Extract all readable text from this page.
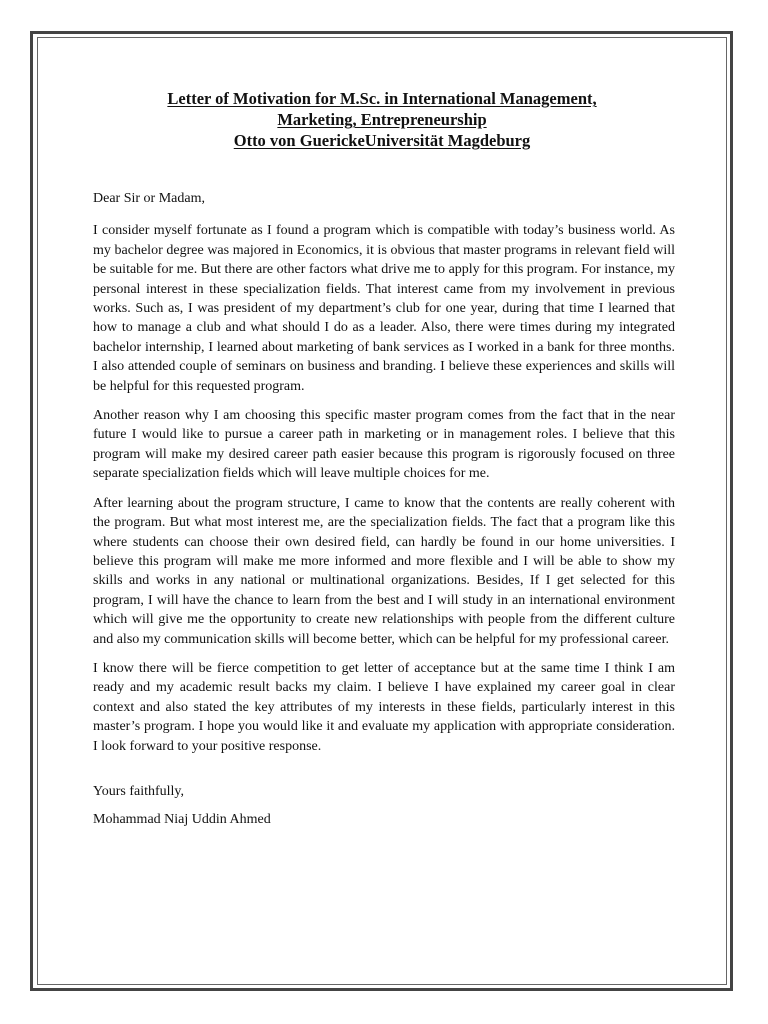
Letter of Motivation for M.Sc. in International Management,
Marketing, Entrepreneurship
Otto von GuerickeUniversität Magdeburg

Dear Sir or Madam,

I consider myself fortunate as I found a program which is compatible with today’s business world. As my bachelor degree was majored in Economics, it is obvious that master programs in relevant field will be suitable for me. But there are other factors what drive me to apply for this program. For instance, my personal interest in these specialization fields. That interest came from my involvement in previous works. Such as, I was president of my department’s club for one year, during that time I learned that how to manage a club and what should I do as a leader. Also, there were times during my integrated bachelor internship, I learned about marketing of bank services as I worked in a bank for three months. I also attended couple of seminars on business and branding. I believe these experiences and skills will be helpful for this requested program.

Another reason why I am choosing this specific master program comes from the fact that in the near future I would like to pursue a career path in marketing or in management roles. I believe that this program will make my desired career path easier because this program is rigorously focused on three separate specialization fields which will leave multiple choices for me.

After learning about the program structure, I came to know that the contents are really coherent with the program. But what most interest me, are the specialization fields. The fact that a program like this where students can choose their own desired field, can hardly be found in our home universities. I believe this program will make me more informed and more flexible and I will be able to show my skills and works in any national or multinational organizations. Besides, If I get selected for this program, I will have the chance to learn from the best and I will study in an international environment which will give me the opportunity to create new relationships with people from the different culture and also my communication skills will become better, which can be helpful for my professional career.

I know there will be fierce competition to get letter of acceptance but at the same time I think I am ready and my academic result backs my claim. I believe I have explained my career goal in clear context and also stated the key attributes of my interests in these fields, particularly interest in this master’s program. I hope you would like it and evaluate my application with appropriate consideration. I look forward to your positive response.

Yours faithfully,

Mohammad Niaj Uddin Ahmed
